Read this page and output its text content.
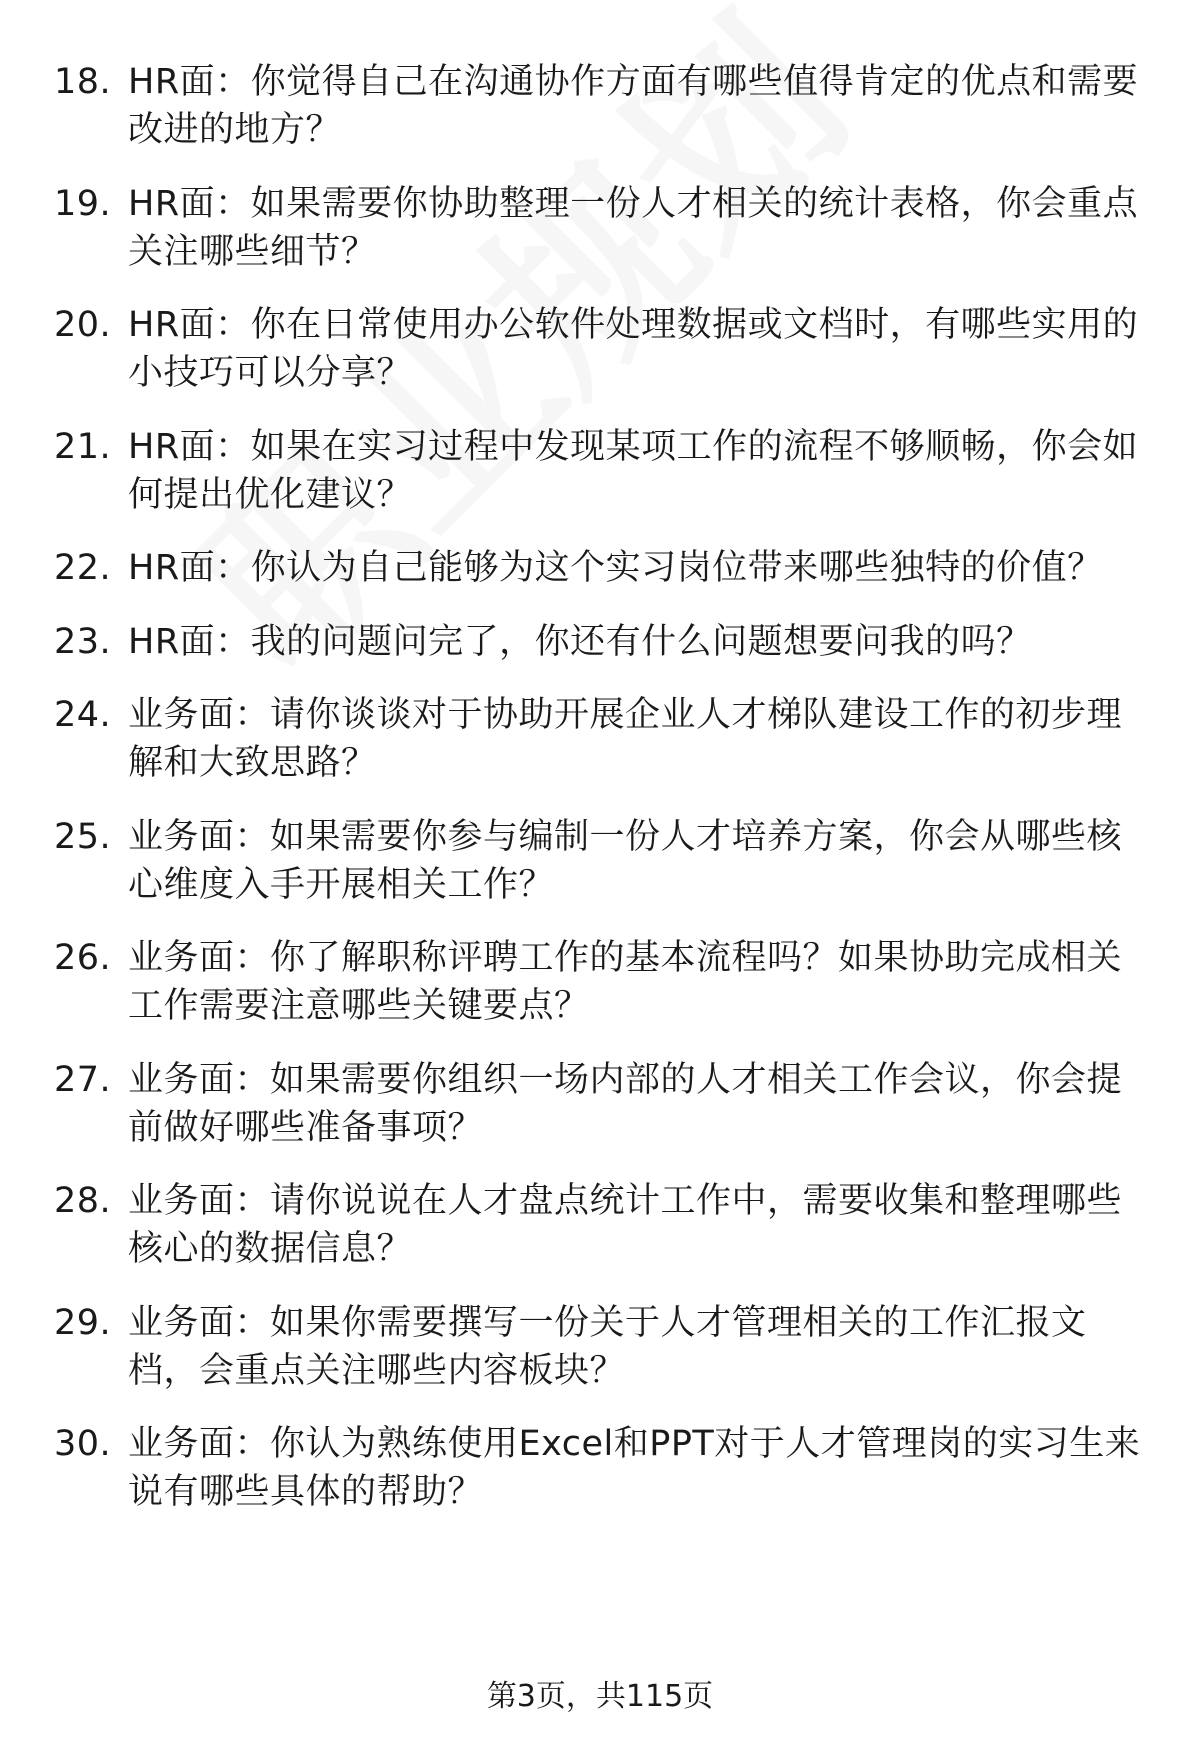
18. HR面：你觉得自己在沟通协作方面有哪些值得肯定的优点和需要改进的地方？
19. HR面：如果需要你协助整理一份人才相关的统计表格，你会重点关注哪些细节？
20. HR面：你在日常使用办公软件处理数据或文档时，有哪些实用的小技巧可以分享？
21. HR面：如果在实习过程中发现某项工作的流程不够顺畅，你会如何提出优化建议？
22. HR面：你认为自己能够为这个实习岗位带来哪些独特的价值？
23. HR面：我的问题问完了，你还有什么问题想要问我的吗？
24. 业务面：请你谈谈对于协助开展企业人才梯队建设工作的初步理解和大致思路？
25. 业务面：如果需要你参与编制一份人才培养方案，你会从哪些核心维度入手开展相关工作？
26. 业务面：你了解职称评聘工作的基本流程吗？如果协助完成相关工作需要注意哪些关键要点？
27. 业务面：如果需要你组织一场内部的人才相关工作会议，你会提前做好哪些准备事项？
28. 业务面：请你说说在人才盘点统计工作中，需要收集和整理哪些核心的数据信息？
29. 业务面：如果你需要撰写一份关于人才管理相关的工作汇报文档，会重点关注哪些内容板块？
30. 业务面：你认为熟练使用Excel和PPT对于人才管理岗的实习生来说有哪些具体的帮助？
第3页，共115页
